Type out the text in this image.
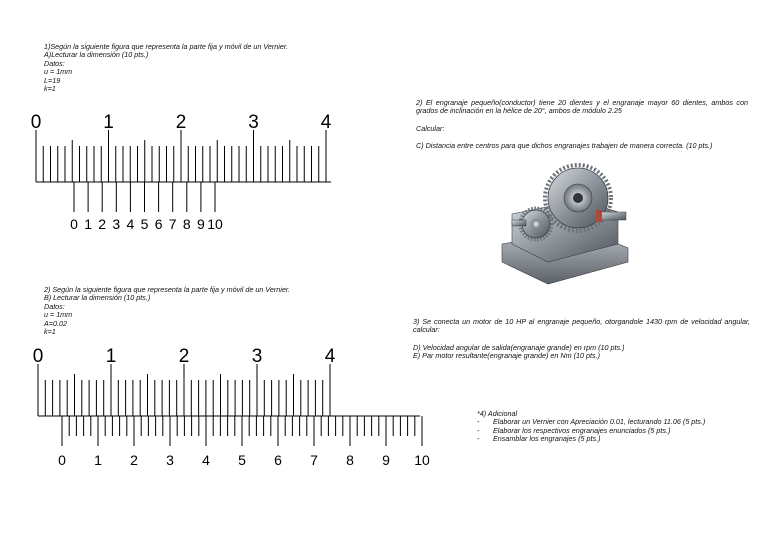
1)Según la siguiente figura que representa la parte fija y móvil de un Vernier.
A)Lecturar la dimensión (10 pts.)
Datos:
u = 1mm
L=19
k=1
0	1	2	3	4
0 1 2 3 4 5 6 7 8 9 10
2) Según la siguiente figura que representa la parte fija y móvil de un Vernier.
B) Lecturar la dimensión (10 pts.)
Datos:
u = 1mm
A=0.02
k=1
0	1	2	3	4
0 1 2 3 4 5 6 7 8 9 10
2) El engranaje pequeño(conductor) tiene 20 dientes y el engranaje mayor 60 dientes, ambos con grados de inclinación en la hélice de 20°, ambos de módulo 2.25
Calcular:
C) Distancia entre centros para que dichos engranajes trabajen de manera correcta. (10 pts.)
3) Se conecta un motor de 10 HP al engranaje pequeño, otorgandole 1430 rpm de velocidad angular, calcular:
D) Velocidad angular de salida(engranaje grande) en rpm (10 pts.)
E) Par motor resultante(engranaje grande) en Nm (10 pts.)
*4) Adicional
-	Elaborar un Vernier con Apreciación 0.01, lecturando 11.06 (5 pts.)
-	Elaborar los respectivos engranajes enunciados (5 pts.)
-	Ensamblar los engranajes (5 pts.)
